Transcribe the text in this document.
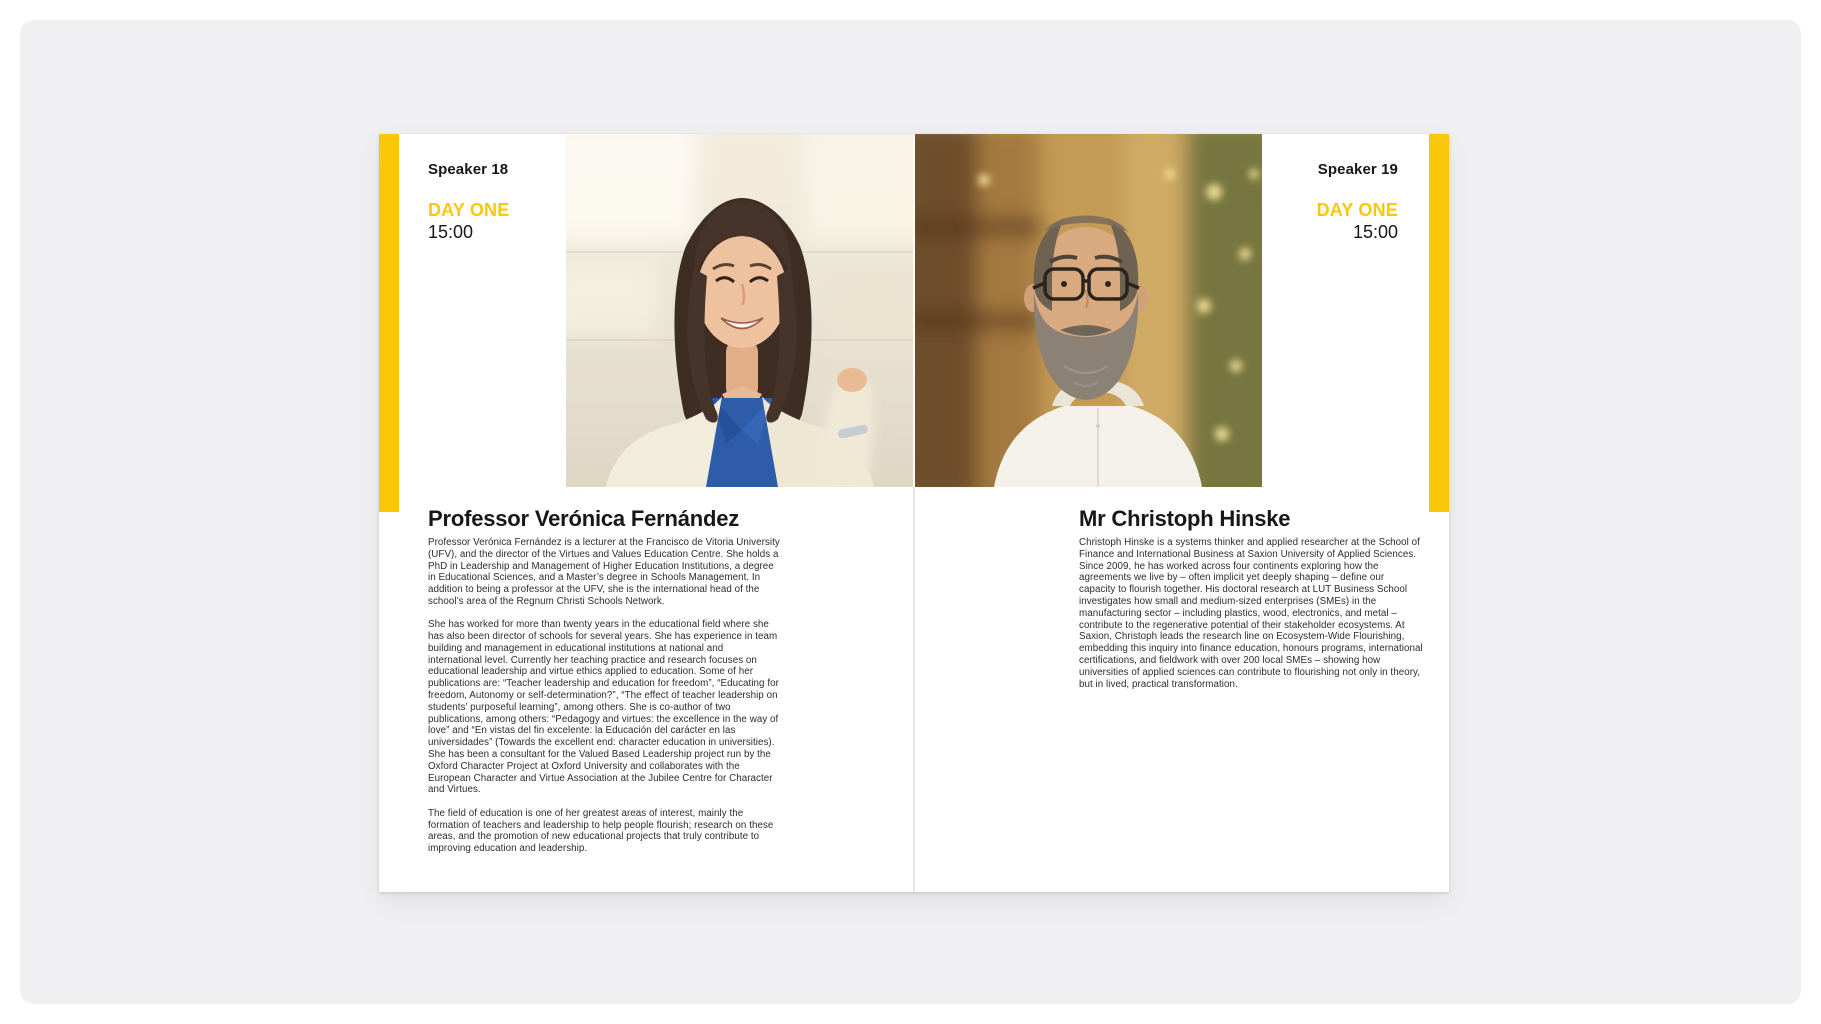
Speaker 18
DAY ONE
15:00
Professor Verónica Fernández

Professor Verónica Fernández is a lecturer at the Francisco de Vitoria University (UFV), and the director of the Virtues and Values Education Centre. She holds a PhD in Leadership and Management of Higher Education Institutions, a degree in Educational Sciences, and a Master’s degree in Schools Management. In addition to being a professor at the UFV, she is the international head of the school’s area of the Regnum Christi Schools Network.

She has worked for more than twenty years in the educational field where she has also been director of schools for several years. She has experience in team building and management in educational institutions at national and international level. Currently her teaching practice and research focuses on educational leadership and virtue ethics applied to education. Some of her publications are: “Teacher leadership and education for freedom”, “Educating for freedom, Autonomy or self-determination?”, “The effect of teacher leadership on students’ purposeful learning”, among others. She is co-author of two publications, among others: “Pedagogy and virtues: the excellence in the way of love” and “En vistas del fin excelente: la Educación del carácter en las universidades” (Towards the excellent end: character education in universities). She has been a consultant for the Valued Based Leadership project run by the Oxford Character Project at Oxford University and collaborates with the European Character and Virtue Association at the Jubilee Centre for Character and Virtues.

The field of education is one of her greatest areas of interest, mainly the formation of teachers and leadership to help people flourish; research on these areas, and the promotion of new educational projects that truly contribute to improving education and leadership.

Speaker 19
DAY ONE
15:00
Mr Christoph Hinske

Christoph Hinske is a systems thinker and applied researcher at the School of Finance and International Business at Saxion University of Applied Sciences. Since 2009, he has worked across four continents exploring how the agreements we live by – often implicit yet deeply shaping – define our capacity to flourish together. His doctoral research at LUT Business School investigates how small and medium-sized enterprises (SMEs) in the manufacturing sector – including plastics, wood, electronics, and metal – contribute to the regenerative potential of their stakeholder ecosystems. At Saxion, Christoph leads the research line on Ecosystem-Wide Flourishing, embedding this inquiry into finance education, honours programs, international certifications, and fieldwork with over 200 local SMEs – showing how universities of applied sciences can contribute to flourishing not only in theory, but in lived, practical transformation.
